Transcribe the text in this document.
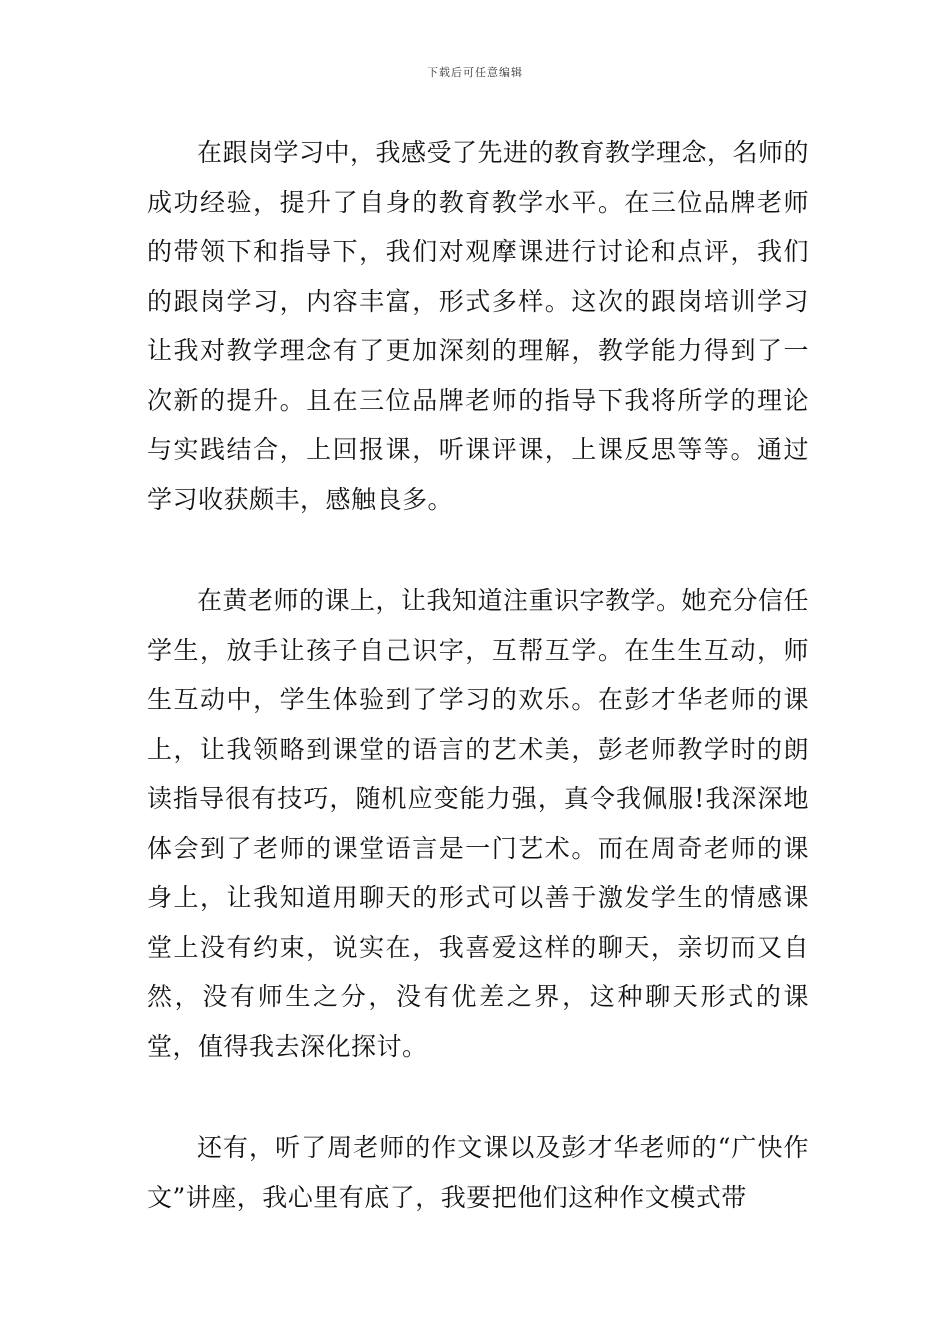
下载后可任意编辑

在跟岗学习中，我感受了先进的教育教学理念，名师的成功经验，提升了自身的教育教学水平。在三位品牌老师的带领下和指导下，我们对观摩课进行讨论和点评，我们的跟岗学习，内容丰富，形式多样。这次的跟岗培训学习让我对教学理念有了更加深刻的理解，教学能力得到了一次新的提升。且在三位品牌老师的指导下我将所学的理论与实践结合，上回报课，听课评课，上课反思等等。通过学习收获颇丰，感触良多。

在黄老师的课上，让我知道注重识字教学。她充分信任学生，放手让孩子自己识字，互帮互学。在生生互动，师生互动中，学生体验到了学习的欢乐。在彭才华老师的课上，让我领略到课堂的语言的艺术美，彭老师教学时的朗读指导很有技巧，随机应变能力强，真令我佩服!我深深地体会到了老师的课堂语言是一门艺术。而在周奇老师的课身上，让我知道用聊天的形式可以善于激发学生的情感课堂上没有约束，说实在，我喜爱这样的聊天，亲切而又自然，没有师生之分，没有优差之界，这种聊天形式的课堂，值得我去深化探讨。

还有，听了周老师的作文课以及彭才华老师的“广快作文”讲座，我心里有底了，我要把他们这种作文模式带
